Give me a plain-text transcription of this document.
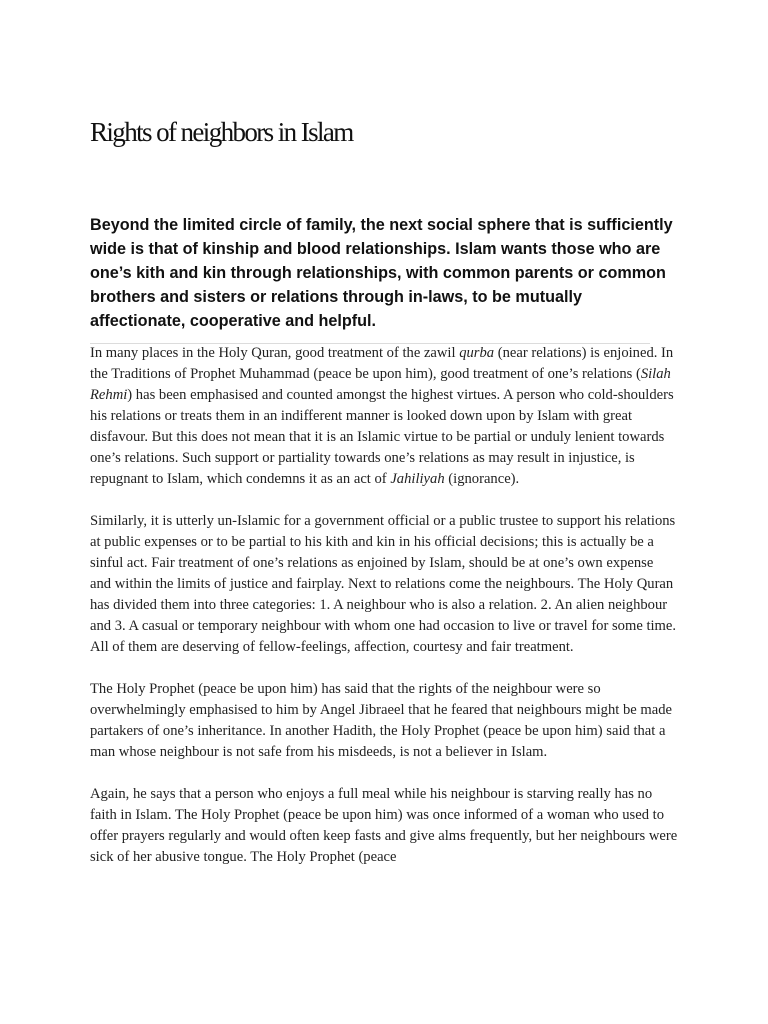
Rights of neighbors in Islam

Beyond the limited circle of family, the next social sphere that is sufficiently wide is that of kinship and blood relationships. Islam wants those who are one’s kith and kin through relationships, with common parents or common brothers and sisters or relations through in-laws, to be mutually affectionate, cooperative and helpful.

In many places in the Holy Quran, good treatment of the zawil qurba (near relations) is enjoined. In the Traditions of Prophet Muhammad (peace be upon him), good treatment of one’s relations (Silah Rehmi) has been emphasised and counted amongst the highest virtues. A person who cold-shoulders his relations or treats them in an indifferent manner is looked down upon by Islam with great disfavour. But this does not mean that it is an Islamic virtue to be partial or unduly lenient towards one’s relations. Such support or partiality towards one’s relations as may result in injustice, is repugnant to Islam, which condemns it as an act of Jahiliyah (ignorance).

Similarly, it is utterly un-Islamic for a government official or a public trustee to support his relations at public expenses or to be partial to his kith and kin in his official decisions; this is actually be a sinful act. Fair treatment of one’s relations as enjoined by Islam, should be at one’s own expense and within the limits of justice and fairplay. Next to relations come the neighbours. The Holy Quran has divided them into three categories: 1. A neighbour who is also a relation. 2. An alien neighbour and 3. A casual or temporary neighbour with whom one had occasion to live or travel for some time. All of them are deserving of fellow-feelings, affection, courtesy and fair treatment.

The Holy Prophet (peace be upon him) has said that the rights of the neighbour were so overwhelmingly emphasised to him by Angel Jibraeel that he feared that neighbours might be made partakers of one’s inheritance. In another Hadith, the Holy Prophet (peace be upon him) said that a man whose neighbour is not safe from his misdeeds, is not a believer in Islam.

Again, he says that a person who enjoys a full meal while his neighbour is starving really has no faith in Islam. The Holy Prophet (peace be upon him) was once informed of a woman who used to offer prayers regularly and would often keep fasts and give alms frequently, but her neighbours were sick of her abusive tongue. The Holy Prophet (peace
